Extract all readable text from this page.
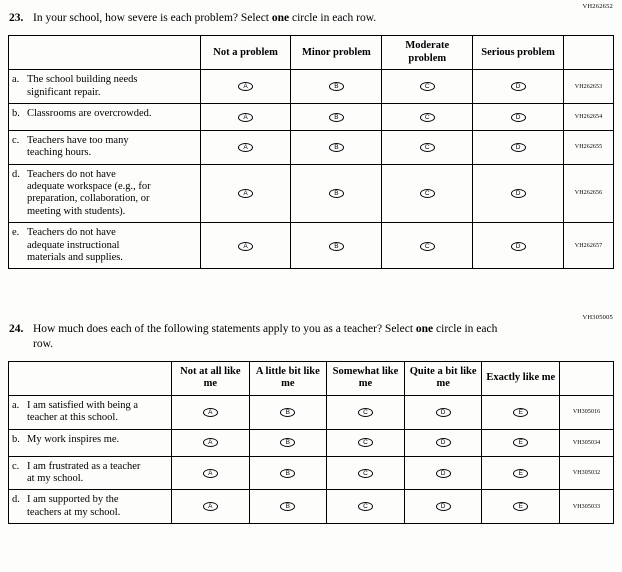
VH262652
23. In your school, how severe is each problem? Select one circle in each row.
	Not a problem	Minor problem	Moderate problem	Serious problem	

a. The school building needs significant repair.	A	B	C	D	VH262653

b. Classrooms are overcrowded.	A	B	C	D	VH262654

c. Teachers have too many teaching hours.	A	B	C	D	VH262655

d. Teachers do not have adequate workspace (e.g., for preparation, collaboration, or meeting with students).	A	B	C	D	VH262656

e. Teachers do not have adequate instructional materials and supplies.	A	B	C	D	VH262657
VH305005
24. How much does each of the following statements apply to you as a teacher? Select one circle in each row.
	Not at all like me	A little bit like me	Somewhat like me	Quite a bit like me	Exactly like me	

a. I am satisfied with being a teacher at this school.	A	B	C	D	E	VH305016

b. My work inspires me.	A	B	C	D	E	VH305034

c. I am frustrated as a teacher at my school.	A	B	C	D	E	VH305032

d. I am supported by the teachers at my school.	A	B	C	D	E	VH305033
